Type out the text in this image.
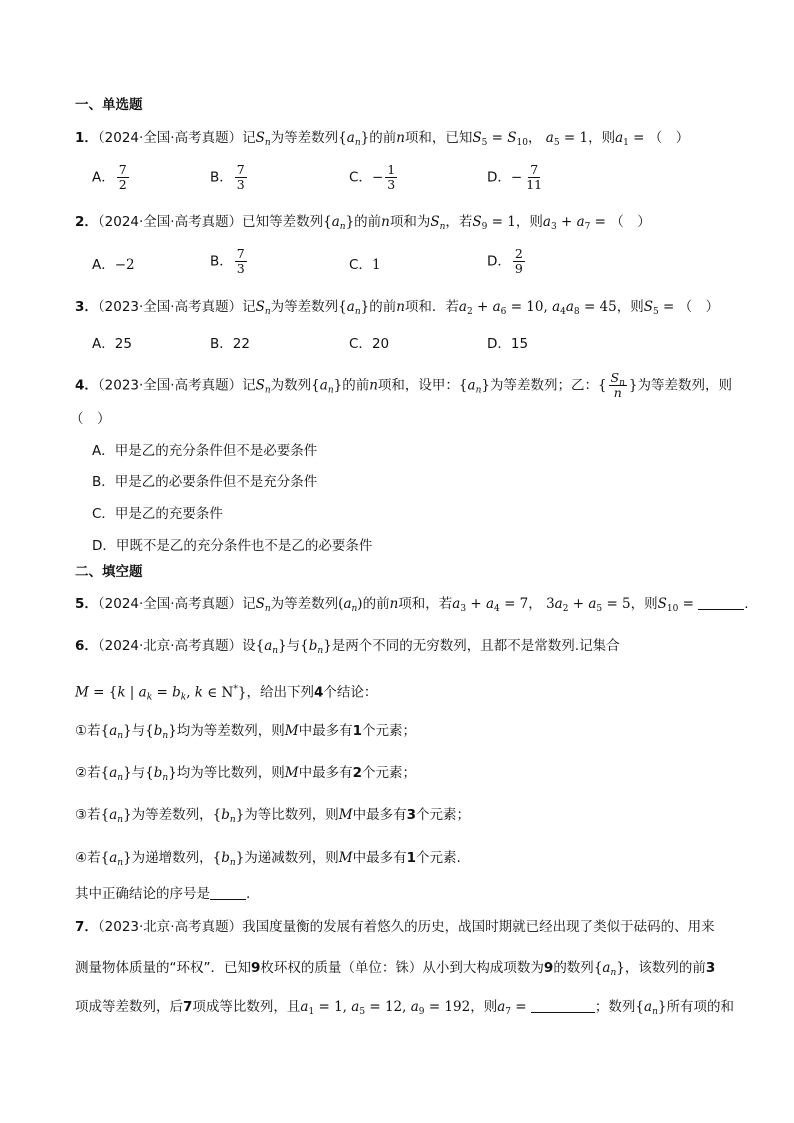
一、单选题
1．（2024·全国·高考真题）记$S_n$为等差数列$\{a_n\}$的前n项和，已知$S_5 = S_{10}$， $a_5 = 1$，则$a_1$ = （　）
A． $\frac{7}{2}$	B． $\frac{7}{3}$	C．− $\frac{1}{3}$	D．− $\frac{7}{11}$
2．（2024·全国·高考真题）已知等差数列$\{a_n\}$的前n项和为$S_n$，若$S_9 = 1$，则$a_3 + a_7$ = （　）
A．−2	B． $\frac{7}{3}$	C．1	D． $\frac{2}{9}$
3．（2023·全国·高考真题）记$S_n$为等差数列$\{a_n\}$的前n项和．若$a_2 + a_6 = 10$, $a_4a_8 = 45$，则$S_5$ = （　）
A．25	B．22	C．20	D．15
4．（2023·全国·高考真题）记$S_n$为数列$\{a_n\}$的前n项和，设甲：$\{a_n\}$为等差数列；乙：{ $\frac{S_n}{n}$ }为等差数列，则
（　）
A．甲是乙的充分条件但不是必要条件
B．甲是乙的必要条件但不是充分条件
C．甲是乙的充要条件
D．甲既不是乙的充分条件也不是乙的必要条件
二、填空题
5．（2024·全国·高考真题）记$S_n$为等差数列$(a_n)$的前n项和，若$a_3 + a_4 = 7$， $3a_2 + a_5 = 5$，则$S_{10}$ =	.
6．（2024·北京·高考真题）设$\{a_n\}$与$\{b_n\}$是两个不同的无穷数列，且都不是常数列.记集合
M = {k | $a_k = b_k$, k ∈ N*}，给出下列4个结论：
①若$\{a_n\}$与$\{b_n\}$均为等差数列，则M中最多有1个元素；
②若$\{a_n\}$与$\{b_n\}$均为等比数列，则M中最多有2个元素；
③若$\{a_n\}$为等差数列，$\{b_n\}$为等比数列，则M中最多有3个元素；
④若$\{a_n\}$为递增数列，$\{b_n\}$为递减数列，则M中最多有1个元素.
其中正确结论的序号是	.
7．（2023·北京·高考真题）我国度量衡的发展有着悠久的历史，战国时期就已经出现了类似于砝码的、用来
测量物体质量的“环权”．已知9枚环权的质量（单位：铢）从小到大构成项数为9的数列$\{a_n\}$，该数列的前3
项成等差数列，后7项成等比数列，且$a_1 = 1$, $a_5 = 12$, $a_9 = 192$，则$a_7$ =	；数列$\{a_n\}$所有项的和
